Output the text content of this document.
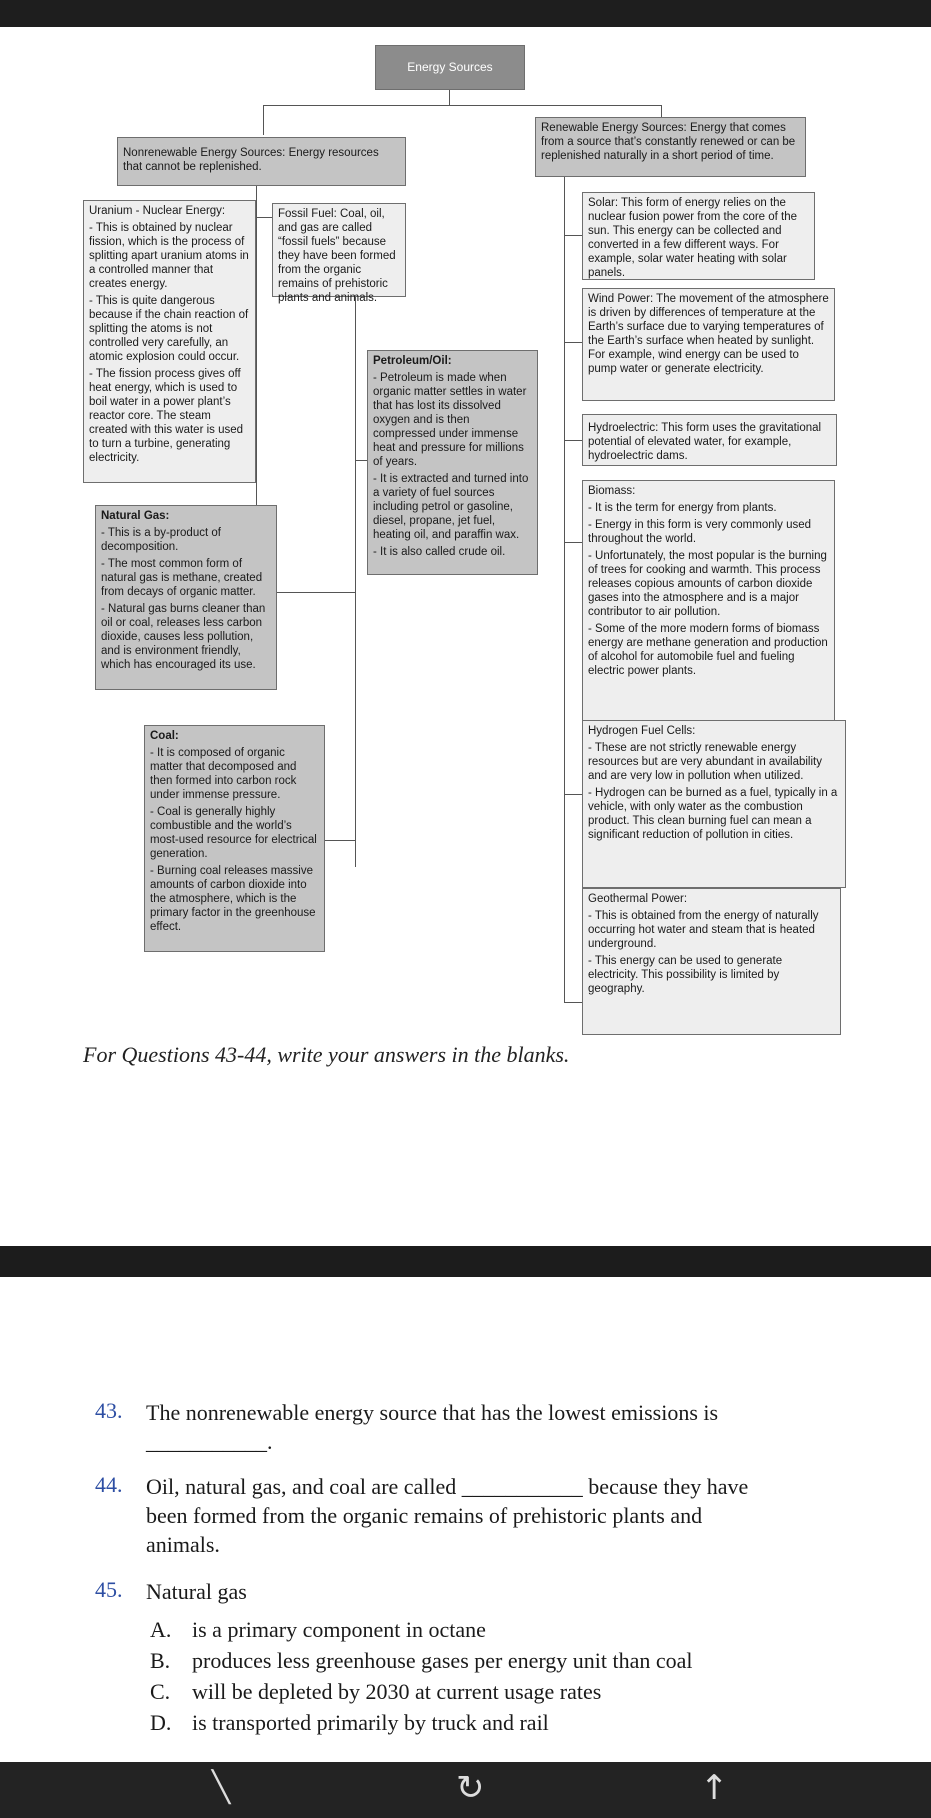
Energy Sources
Nonrenewable Energy Sources: Energy resources that cannot be replenished.
Renewable Energy Sources: Energy that comes from a source that’s constantly renewed or can be replenished naturally in a short period of time.
Uranium - Nuclear Energy:
- This is obtained by nuclear fission, which is the process of splitting apart uranium atoms in a controlled manner that creates energy.
- This is quite dangerous because if the chain reaction of splitting the atoms is not controlled very carefully, an atomic explosion could occur.
- The fission process gives off heat energy, which is used to boil water in a power plant’s reactor core. The steam created with this water is used to turn a turbine, generating electricity.
Fossil Fuel: Coal, oil, and gas are called “fossil fuels” because they have been formed from the organic remains of prehistoric plants and animals.
Petroleum/Oil:
- Petroleum is made when organic matter settles in water that has lost its dissolved oxygen and is then compressed under immense heat and pressure for millions of years.
- It is extracted and turned into a variety of fuel sources including petrol or gasoline, diesel, propane, jet fuel, heating oil, and paraffin wax.
- It is also called crude oil.
Natural Gas:
- This is a by-product of decomposition.
- The most common form of natural gas is methane, created from decays of organic matter.
- Natural gas burns cleaner than oil or coal, releases less carbon dioxide, causes less pollution, and is environment friendly, which has encouraged its use.
Coal:
- It is composed of organic matter that decomposed and then formed into carbon rock under immense pressure.
- Coal is generally highly combustible and the world’s most-used resource for electrical generation.
- Burning coal releases massive amounts of carbon dioxide into the atmosphere, which is the primary factor in the greenhouse effect.
Solar: This form of energy relies on the nuclear fusion power from the core of the sun. This energy can be collected and converted in a few different ways. For example, solar water heating with solar panels.
Wind Power: The movement of the atmosphere is driven by differences of temperature at the Earth’s surface due to varying temperatures of the Earth’s surface when heated by sunlight. For example, wind energy can be used to pump water or generate electricity.
Hydroelectric: This form uses the gravitational potential of elevated water, for example, hydroelectric dams.
Biomass:
- It is the term for energy from plants.
- Energy in this form is very commonly used throughout the world.
- Unfortunately, the most popular is the burning of trees for cooking and warmth. This process releases copious amounts of carbon dioxide gases into the atmosphere and is a major contributor to air pollution.
- Some of the more modern forms of biomass energy are methane generation and production of alcohol for automobile fuel and fueling electric power plants.
Hydrogen Fuel Cells:
- These are not strictly renewable energy resources but are very abundant in availability and are very low in pollution when utilized.
- Hydrogen can be burned as a fuel, typically in a vehicle, with only water as the combustion product. This clean burning fuel can mean a significant reduction of pollution in cities.
Geothermal Power:
- This is obtained from the energy of naturally occurring hot water and steam that is heated underground.
- This energy can be used to generate electricity. This possibility is limited by geography.
For Questions 43-44, write your answers in the blanks.
43. The nonrenewable energy source that has the lowest emissions is
___________.
44. Oil, natural gas, and coal are called ___________ because they have
been formed from the organic remains of prehistoric plants and
animals.
45. Natural gas
A. is a primary component in octane
B. produces less greenhouse gases per energy unit than coal
C. will be depleted by 2030 at current usage rates
D. is transported primarily by truck and rail
╲	↻	↑
